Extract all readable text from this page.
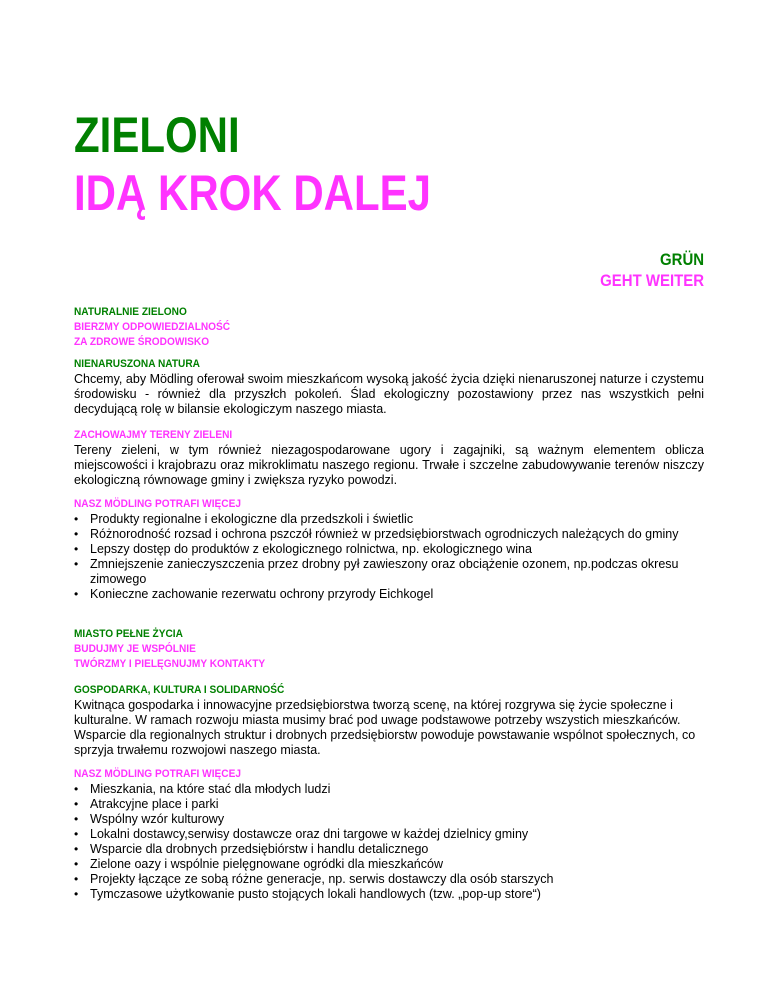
ZIELONI
IDĄ KROK DALEJ
GRÜN
GEHT WEITER
NATURALNIE ZIELONO
BIERZMY ODPOWIEDZIALNOŚĆ
ZA ZDROWE ŚRODOWISKO
NIENARUSZONA NATURA

Chcemy, aby Mödling oferował swoim mieszkańcom wysoką jakość życia dzięki nienaruszonej naturze i czystemu środowisku - również dla przyszłch pokoleń. Ślad ekologiczny pozostawiony przez nas wszystkich pełni decydującą rolę w bilansie ekologiczym naszego miasta.

ZACHOWAJMY TERENY ZIELENI

Tereny zieleni, w tym również niezagospodarowane ugory i zagajniki, są ważnym elementem oblicza miejscowości i krajobrazu oraz mikroklimatu naszego regionu. Trwałe i szczelne zabudowywanie terenów niszczy ekologiczną równowage gminy i zwiększa ryzyko powodzi.

NASZ MÖDLING POTRAFI WIĘCEJ
• Produkty regionalne i ekologiczne dla przedszkoli i świetlic
• Różnorodność rozsad i ochrona pszczół również w przedsiębiorstwach ogrodniczych należących do gminy
• Lepszy dostęp do produktów z ekologicznego rolnictwa, np. ekologicznego wina
• Zmniejszenie zanieczyszczenia przez drobny pył zawieszony oraz obciążenie ozonem, np.podczas okresu zimowego
• Konieczne zachowanie rezerwatu ochrony przyrody Eichkogel
MIASTO PEŁNE ŻYCIA
BUDUJMY JE WSPÓLNIE
TWÓRZMY I PIELĘGNUJMY KONTAKTY
GOSPODARKA, KULTURA I SOLIDARNOŚĆ

Kwitnąca gospodarka i innowacyjne przedsiębiorstwa tworzą scenę, na której rozgrywa się życie społeczne i kulturalne. W ramach rozwoju miasta musimy brać pod uwage podstawowe potrzeby wszystich mieszkańców. Wsparcie dla regionalnych struktur i drobnych przedsiębiorstw powoduje powstawanie wspólnot społecznych, co sprzyja trwałemu rozwojowi naszego miasta.

NASZ MÖDLING POTRAFI WIĘCEJ
• Mieszkania, na które stać dla młodych ludzi
• Atrakcyjne place i parki
• Wspólny wzór kulturowy
• Lokalni dostawcy,serwisy dostawcze oraz dni targowe w każdej dzielnicy gminy
• Wsparcie dla drobnych przedsiębiórstw i handlu detalicznego
• Zielone oazy i wspólnie pielęgnowane ogródki dla mieszkańców
• Projekty łączące ze sobą różne generacje, np. serwis dostawczy dla osób starszych
• Tymczasowe użytkowanie pusto stojących lokali handlowych (tzw. „pop-up store“)
